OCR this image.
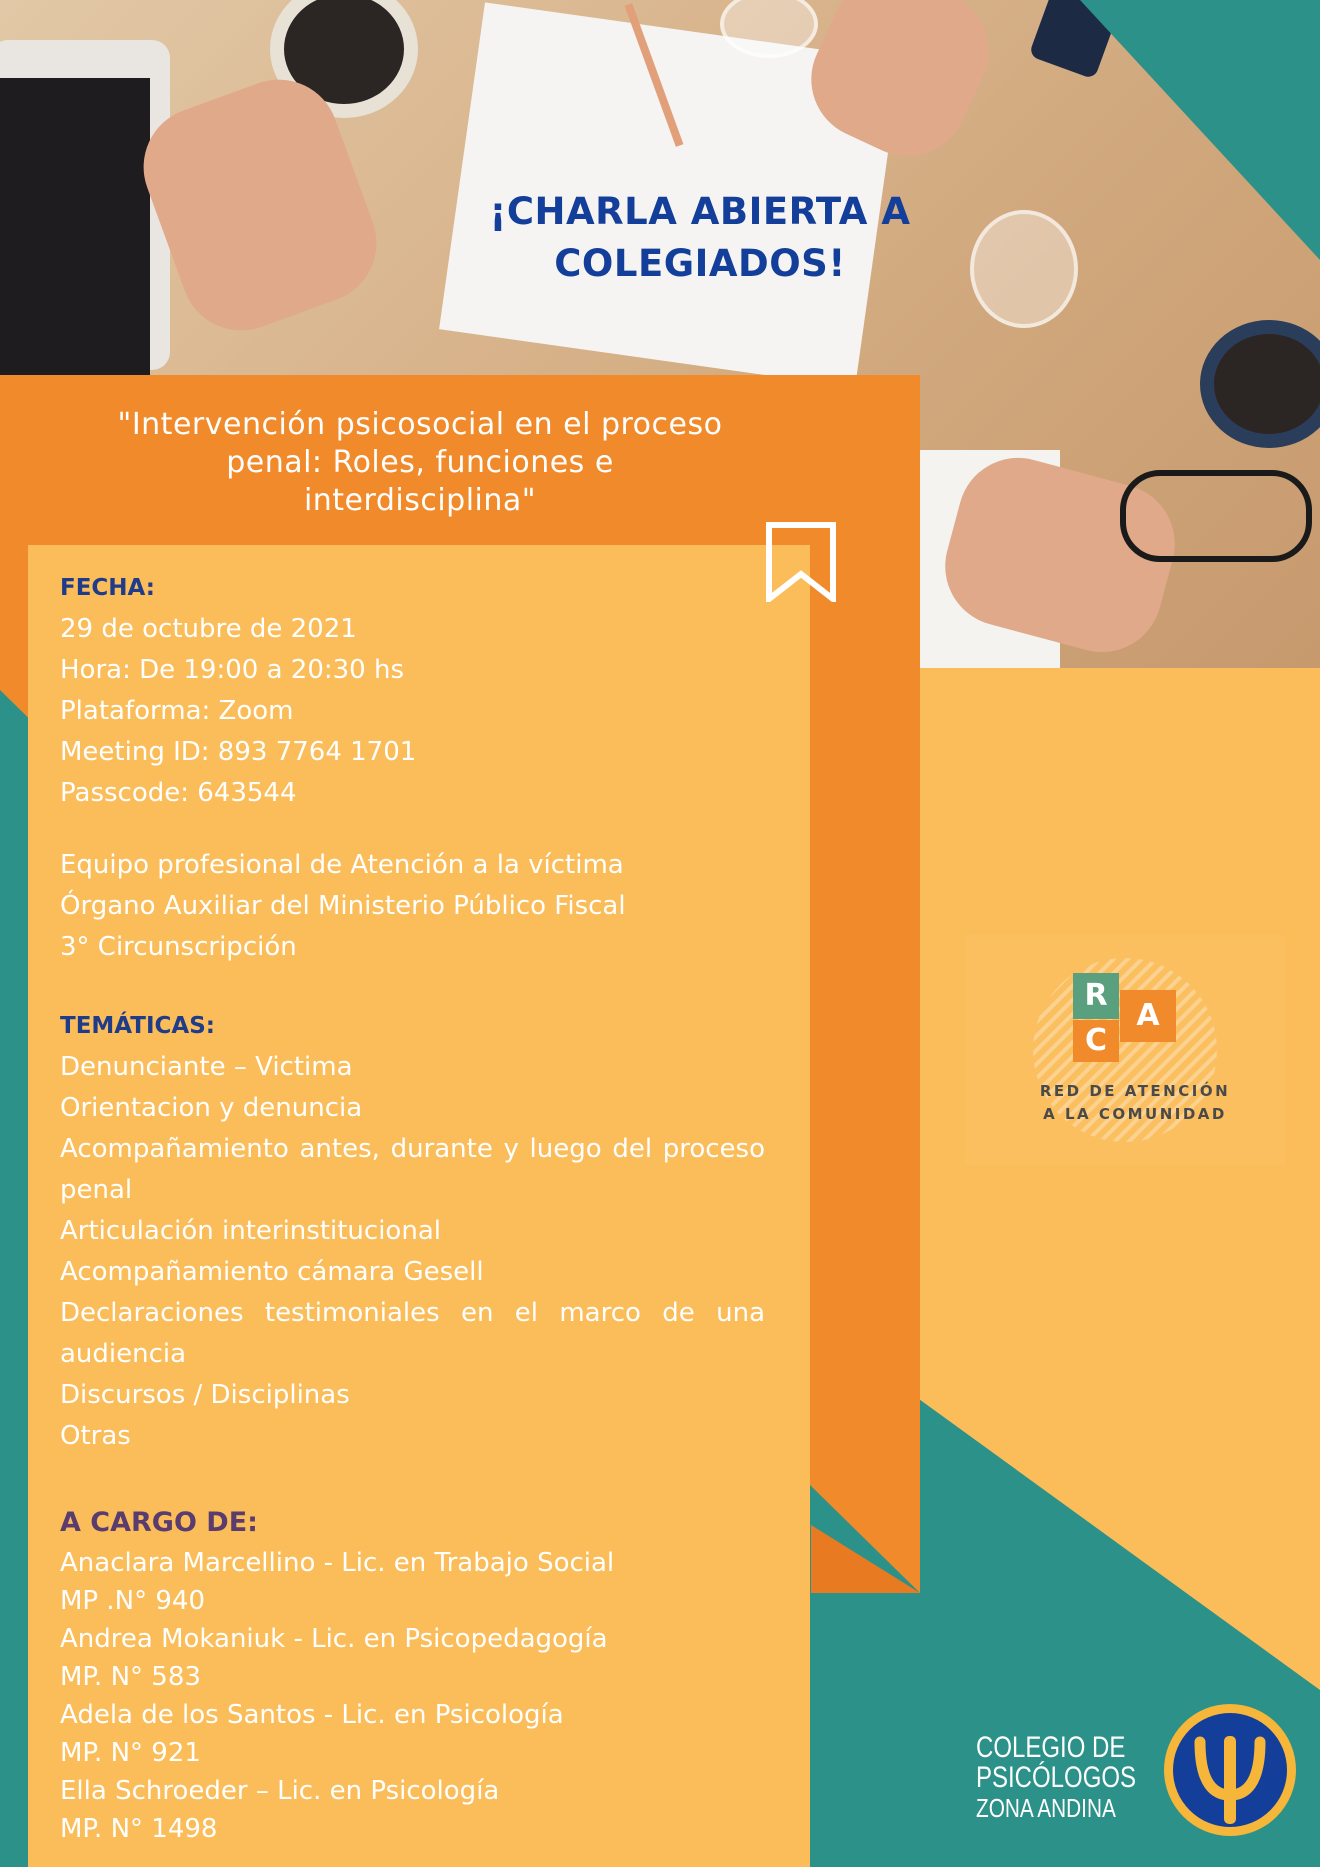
¡CHARLA ABIERTA A
COLEGIADOS!
"Intervención psicosocial en el proceso
penal: Roles, funciones e
interdisciplina"
FECHA:
29 de octubre de 2021
Hora: De 19:00 a 20:30 hs
Plataforma: Zoom
Meeting ID: 893 7764 1701
Passcode: 643544
Equipo profesional de Atención a la víctima
Órgano Auxiliar del Ministerio Público Fiscal
3° Circunscripción
TEMÁTICAS:
Denunciante – Victima
Orientacion y denuncia
Acompañamiento antes, durante y luego del proceso penal
Articulación interinstitucional
Acompañamiento cámara Gesell
Declaraciones testimoniales en el marco de una audiencia
Discursos / Disciplinas
Otras
A CARGO DE:
Anaclara Marcellino - Lic. en Trabajo Social
MP .N° 940
Andrea Mokaniuk - Lic. en Psicopedagogía
MP. N° 583
Adela de los Santos - Lic. en Psicología
MP. N° 921
Ella Schroeder – Lic. en Psicología
MP. N° 1498
R
A
C
RED DE ATENCIÓN
A LA COMUNIDAD
COLEGIO DE
PSICÓLOGOS
ZONA ANDINA
